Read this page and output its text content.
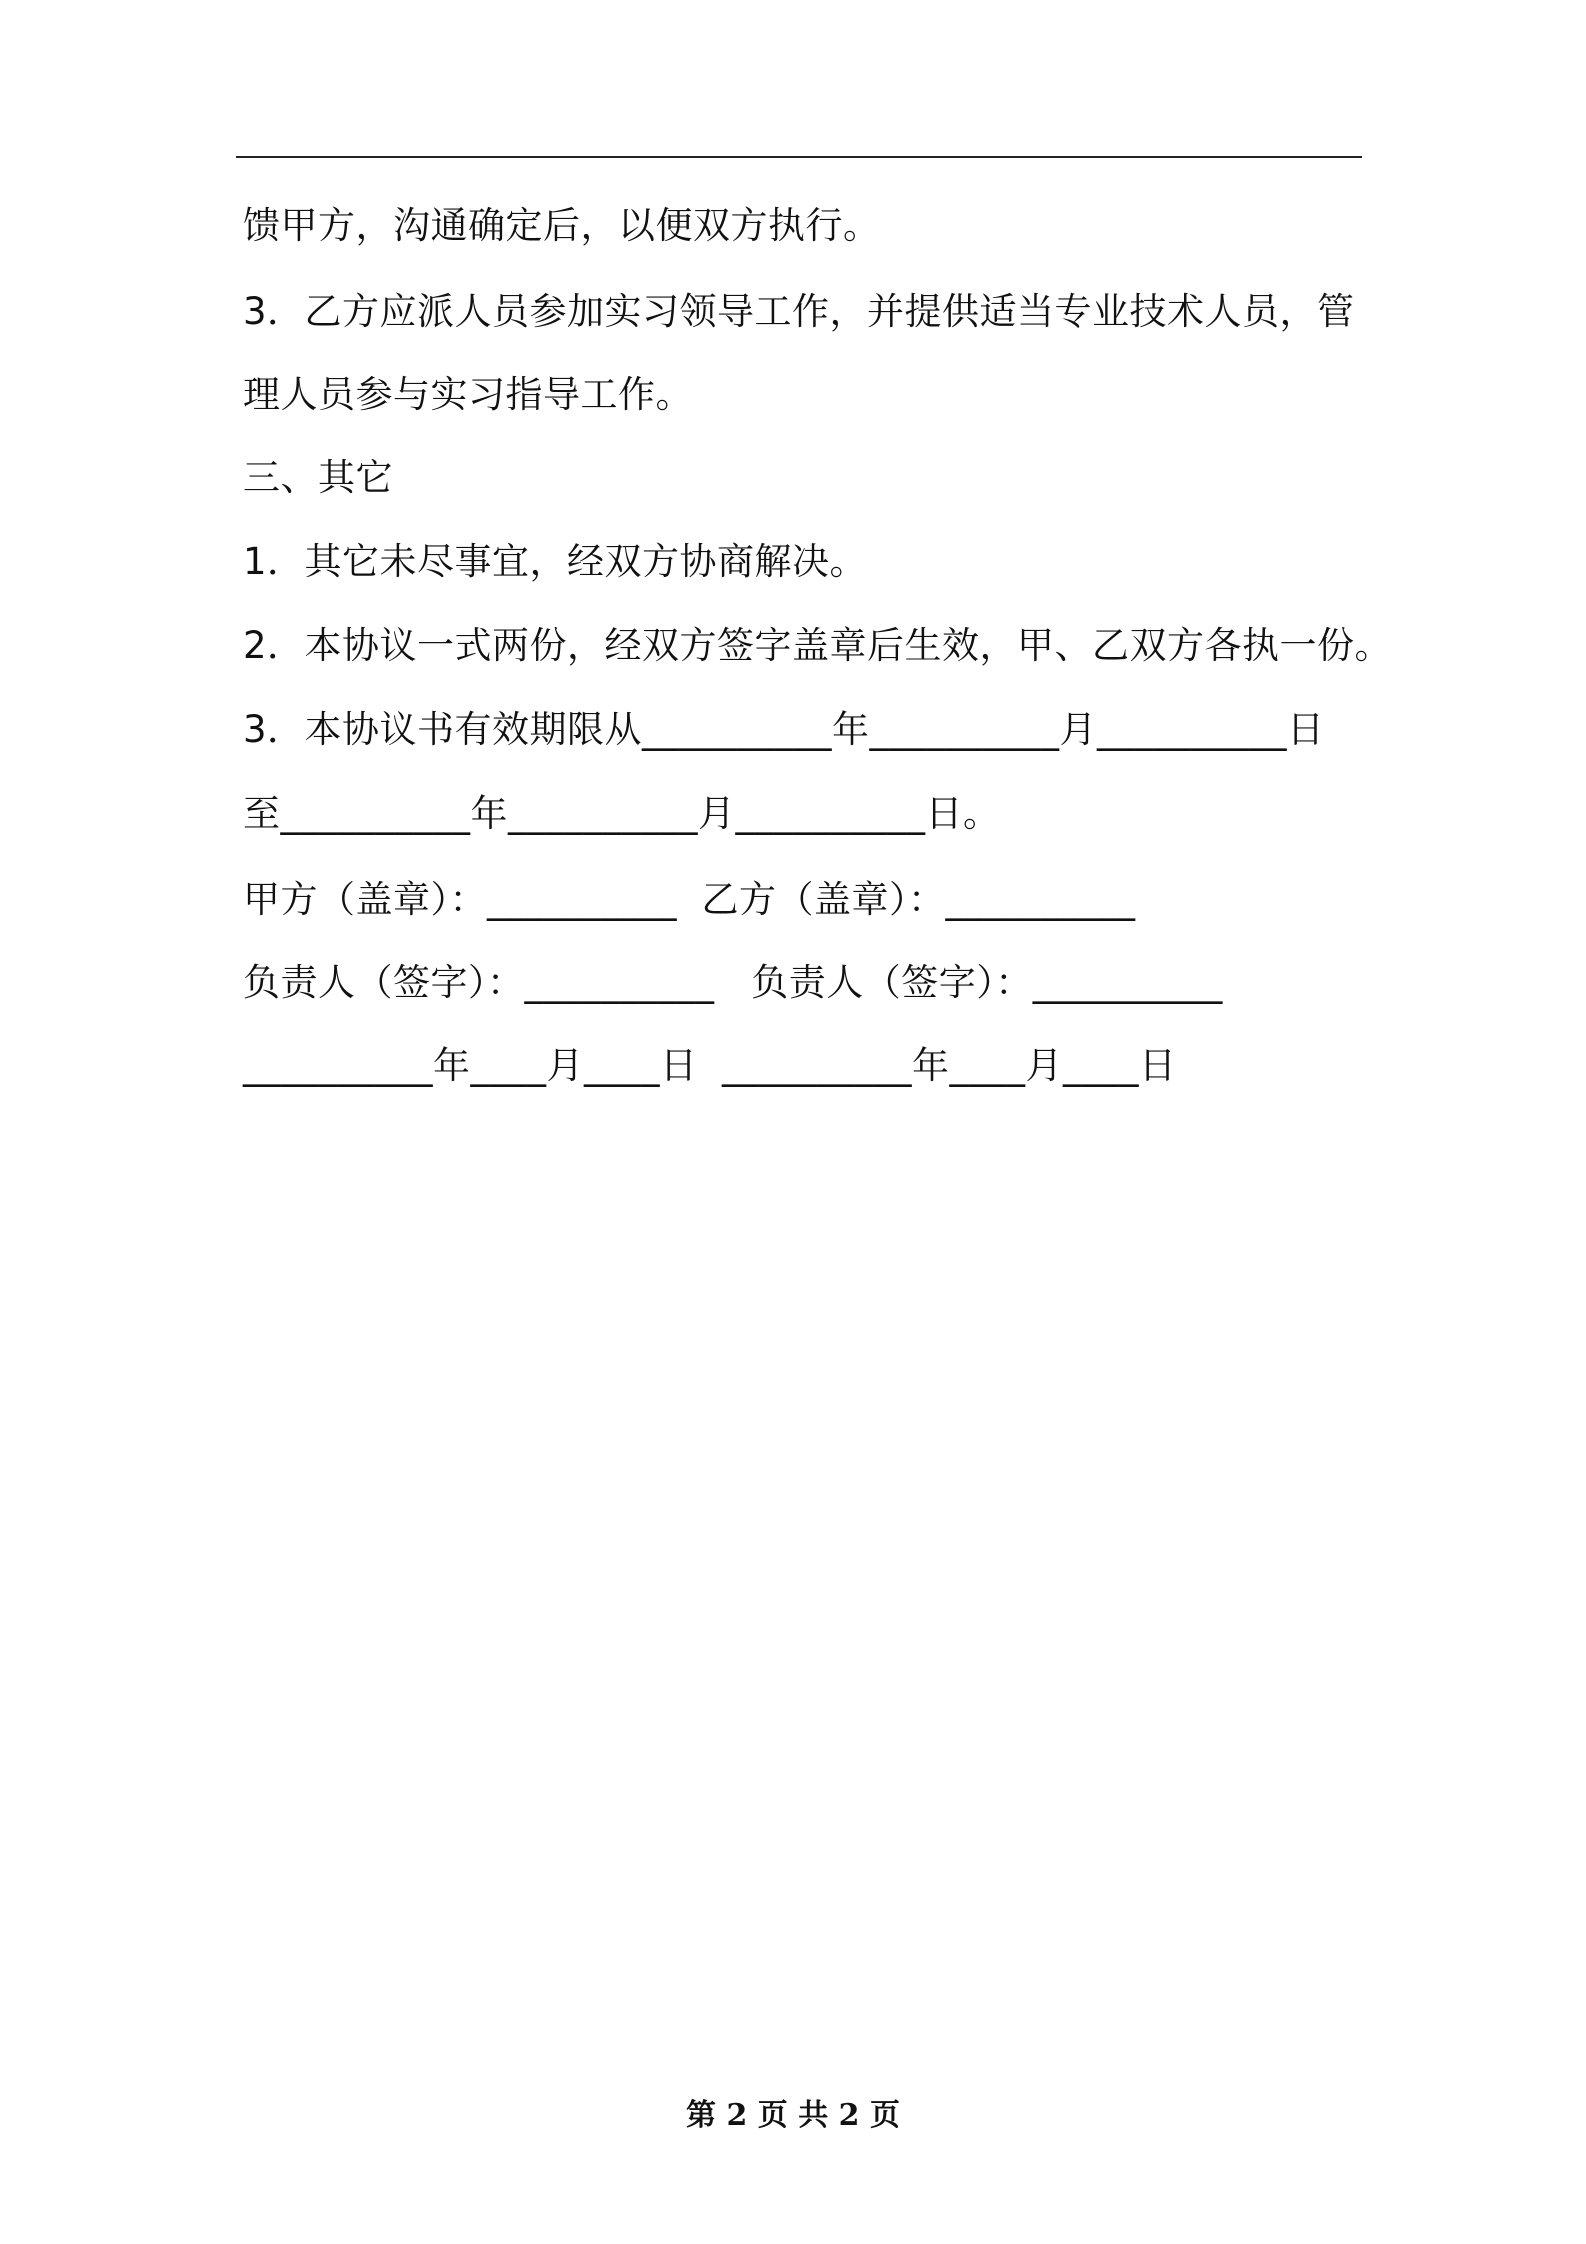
馈甲方，沟通确定后，以便双方执行。
3．乙方应派人员参加实习领导工作，并提供适当专业技术人员，管
理人员参与实习指导工作。
三、其它
1．其它未尽事宜，经双方协商解决。
2．本协议一式两份，经双方签字盖章后生效，甲、乙双方各执一份。
3．本协议书有效期限从__________年__________月__________日
至__________年__________月__________日。
甲方（盖章）：__________  乙方（盖章）：__________
负责人（签字）：__________   负责人（签字）：__________
__________年____月____日  __________年____月____日
第 2 页 共 2 页
